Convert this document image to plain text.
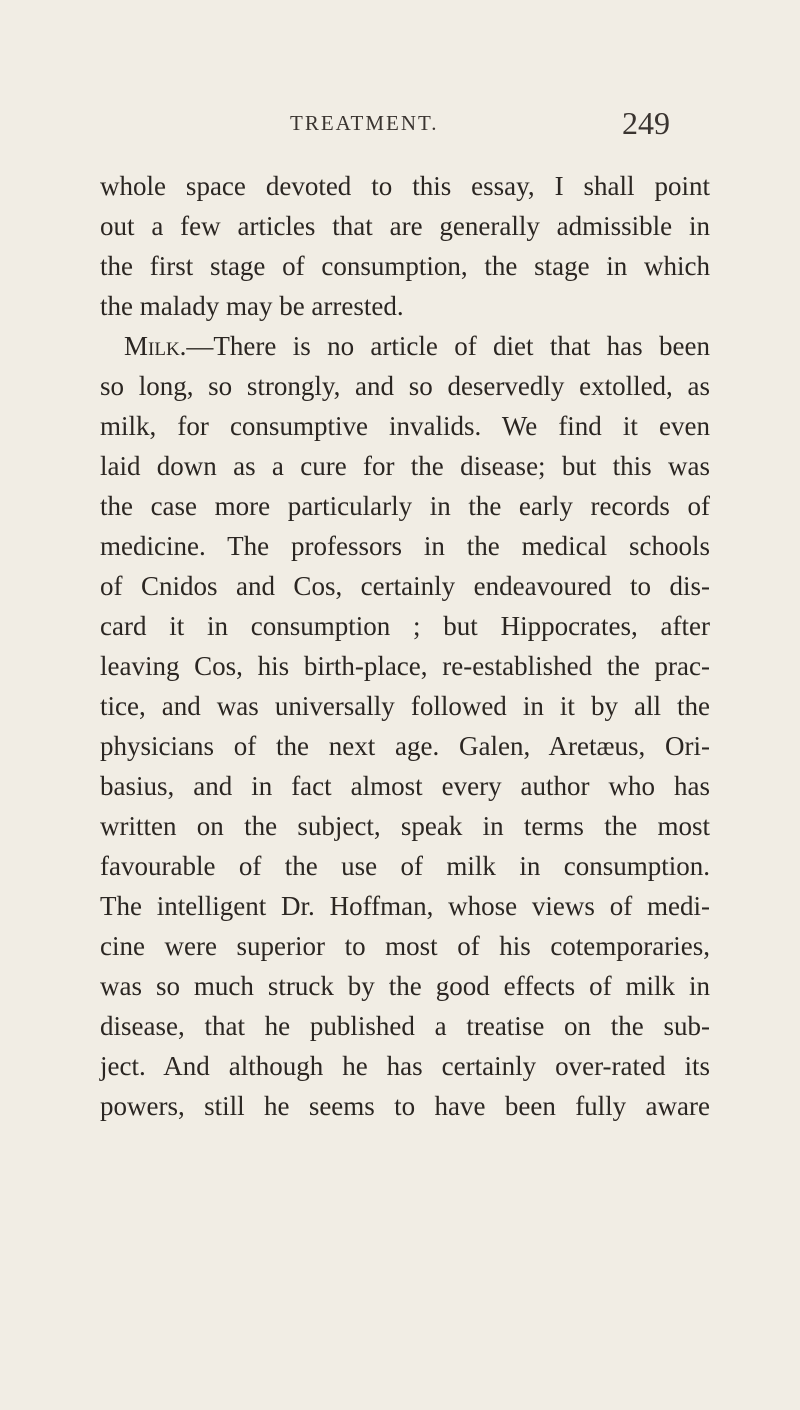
TREATMENT.	249
whole space devoted to this essay, I shall point
out a few articles that are generally admissible in
the first stage of consumption, the stage in which
the malady may be arrested.
Milk.—There is no article of diet that has been
so long, so strongly, and so deservedly extolled, as
milk, for consumptive invalids. We find it even
laid down as a cure for the disease; but this was
the case more particularly in the early records of
medicine. The professors in the medical schools
of Cnidos and Cos, certainly endeavoured to dis-
card it in consumption ; but Hippocrates, after
leaving Cos, his birth-place, re-established the prac-
tice, and was universally followed in it by all the
physicians of the next age. Galen, Aretæus, Ori-
basius, and in fact almost every author who has
written on the subject, speak in terms the most
favourable of the use of milk in consumption.
The intelligent Dr. Hoffman, whose views of medi-
cine were superior to most of his cotemporaries,
was so much struck by the good effects of milk in
disease, that he published a treatise on the sub-
ject. And although he has certainly over-rated its
powers, still he seems to have been fully aware
